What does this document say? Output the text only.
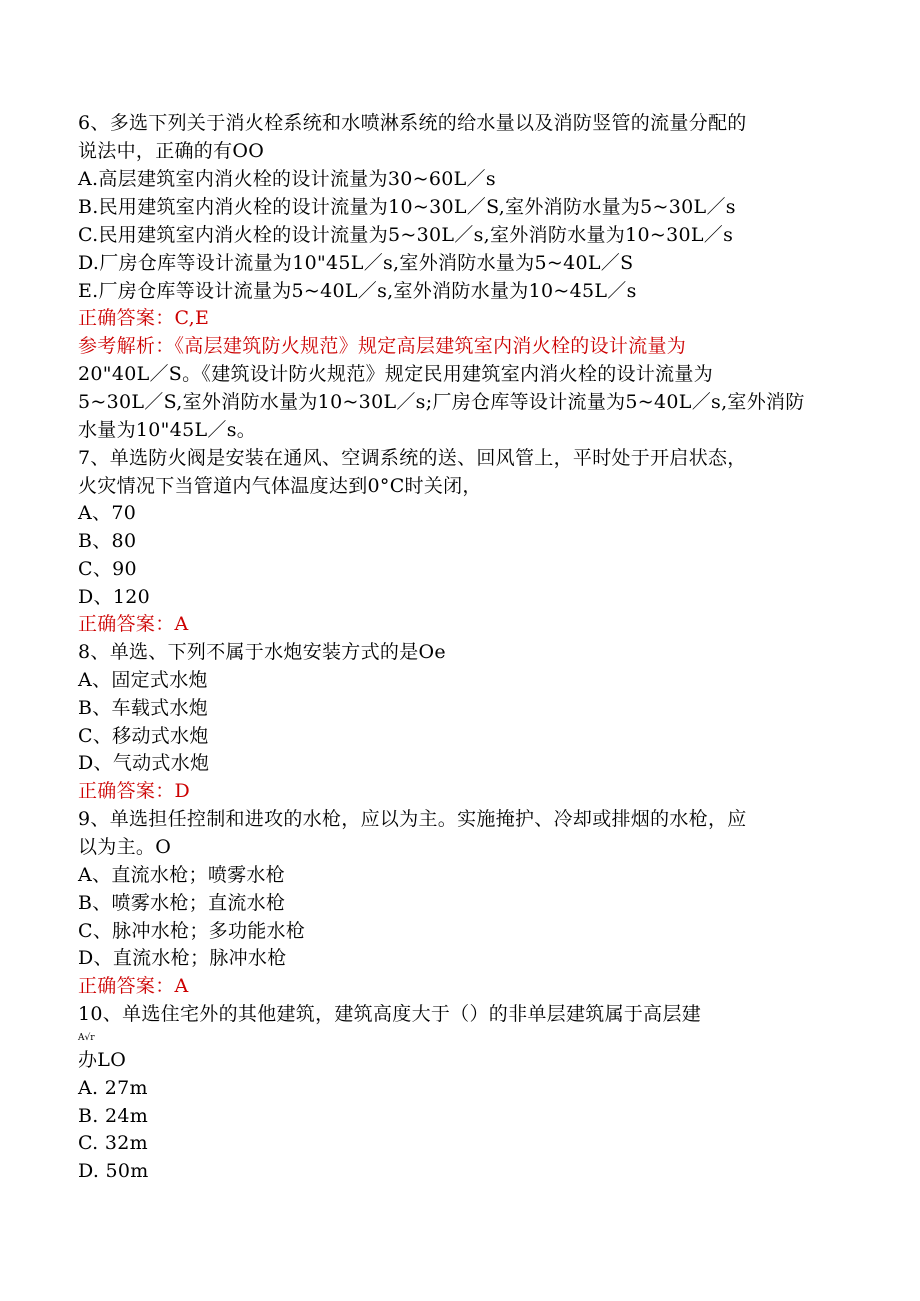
6、多选下列关于消火栓系统和水喷淋系统的给水量以及消防竖管的流量分配的
说法中，正确的有OO
A.高层建筑室内消火栓的设计流量为30~60L／s
B.民用建筑室内消火栓的设计流量为10~30L／S,室外消防水量为5~30L／s
C.民用建筑室内消火栓的设计流量为5~30L／s,室外消防水量为10~30L／s
D.厂房仓库等设计流量为10"45L／s,室外消防水量为5~40L／S
E.厂房仓库等设计流量为5~40L／s,室外消防水量为10~45L／s
正确答案：C,E
参考解析：《高层建筑防火规范》规定高层建筑室内消火栓的设计流量为
20"40L／S。《建筑设计防火规范》规定民用建筑室内消火栓的设计流量为
5~30L／S,室外消防水量为10~30L／s;厂房仓库等设计流量为5~40L／s,室外消防
水量为10"45L／s。
7、单选防火阀是安装在通风、空调系统的送、回风管上，平时处于开启状态，
火灾情况下当管道内气体温度达到0°C时关闭，
A、70
B、80
C、90
D、120
正确答案：A
8、单选、下列不属于水炮安装方式的是Oe
A、固定式水炮
B、车载式水炮
C、移动式水炮
D、气动式水炮
正确答案：D
9、单选担任控制和进攻的水枪，应以为主。实施掩护、冷却或排烟的水枪，应
以为主。O
A、直流水枪；喷雾水枪
B、喷雾水枪；直流水枪
C、脉冲水枪；多功能水枪
D、直流水枪；脉冲水枪
正确答案：A
10、单选住宅外的其他建筑，建筑高度大于（）的非单层建筑属于高层建
A√r
办LO
A. 27m
B. 24m
C. 32m
D. 50m
